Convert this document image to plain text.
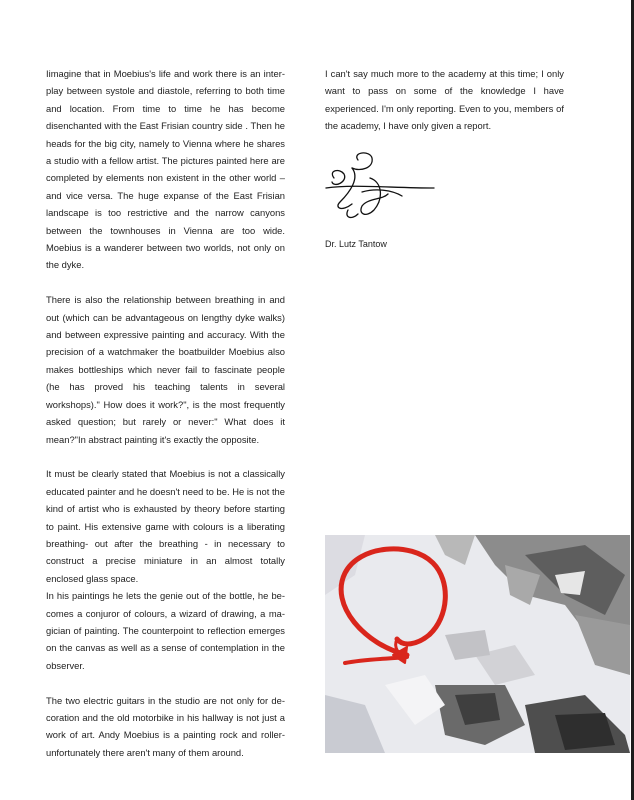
Iimagine that in Moebius's life and work there is an interplay between systole and diastole, referring to both time and location. From time to time he has become disenchanted with the East Frisian country side . Then he heads for the big city, namely to Vienna where he shares a studio with a fellow artist. The pictures painted here are completed by elements non existent in the other world – and vice versa. The huge expanse of the East Frisian landscape is too restrictive and the narrow canyons between the townhouses in Vienna are too wide. Moebius is a wanderer between two worlds, not only on the dyke.

There is also the relationship between breathing in and out (which can be advantageous on lengthy dyke walks) and between expressive painting and accuracy. With the precision of a watchmaker the boatbuilder Moebius also makes bottleships which never fail to fascinate people (he has proved his teaching talents in several workshops)." How does it work?", is the most frequently asked question; but rarely or never:" What does it mean?"In abstract painting it's exactly the opposite.

It must be clearly stated that Moebius is not a classically educated painter and he doesn't need to be. He is not the kind of artist who is exhausted by theory before starting to paint. His extensive game with colours is a liberating breathing- out after the breathing - in necessary to construct a precise miniature in an almost totally enclosed glass space.

In his paintings he lets the genie out of the bottle, he becomes a conjuror of colours, a wizard of drawing, a magician of painting. The counterpoint to reflection emerges on the canvas as well as a sense of contemplation in the observer.

The two electric guitars in the studio are not only for decoration and the old motorbike in his hallway is not just a work of art. Andy Moebius is a painting rock and roller- unfortunately there aren't many of them around.

I can't say much more to the academy at this time; I only want to pass on some of the knowledge I have experienced. I'm only reporting. Even to you, members of the academy, I have only given a report.

Dr. Lutz Tantow
